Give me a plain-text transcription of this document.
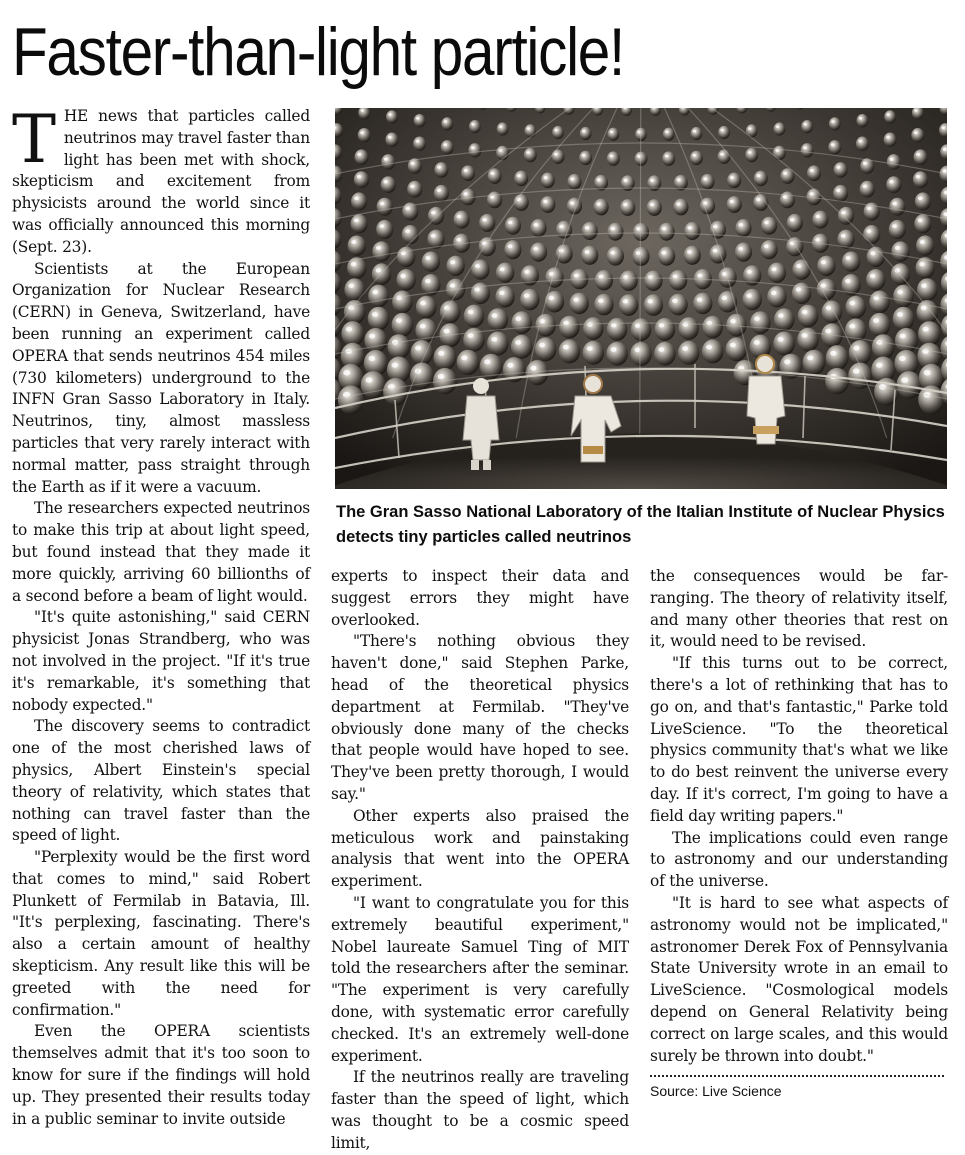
Faster-than-light particle!

THE news that particles called neutrinos may travel faster than light has been met with shock, skepticism and excitement from physicists around the world since it was officially announced this morning (Sept. 23).

Scientists at the European Organization for Nuclear Research (CERN) in Geneva, Switzerland, have been running an experiment called OPERA that sends neutrinos 454 miles (730 kilometers) underground to the INFN Gran Sasso Laboratory in Italy. Neutrinos, tiny, almost massless particles that very rarely interact with normal matter, pass straight through the Earth as if it were a vacuum.

The researchers expected neutrinos to make this trip at about light speed, but found instead that they made it more quickly, arriving 60 billionths of a second before a beam of light would.

"It's quite astonishing," said CERN physicist Jonas Strandberg, who was not involved in the project. "If it's true it's remarkable, it's something that nobody expected."

The discovery seems to contradict one of the most cherished laws of physics, Albert Einstein's special theory of relativity, which states that nothing can travel faster than the speed of light.

"Perplexity would be the first word that comes to mind," said Robert Plunkett of Fermilab in Batavia, Ill. "It's perplexing, fascinating. There's also a certain amount of healthy skepticism. Any result like this will be greeted with the need for confirmation."

Even the OPERA scientists themselves admit that it's too soon to know for sure if the findings will hold up. They presented their results today in a public seminar to invite outside

The Gran Sasso National Laboratory of the Italian Institute of Nuclear Physics detects tiny particles called neutrinos

experts to inspect their data and suggest errors they might have overlooked.

"There's nothing obvious they haven't done," said Stephen Parke, head of the theoretical physics department at Fermilab. "They've obviously done many of the checks that people would have hoped to see. They've been pretty thorough, I would say."

Other experts also praised the meticulous work and painstaking analysis that went into the OPERA experiment.

"I want to congratulate you for this extremely beautiful experiment," Nobel laureate Samuel Ting of MIT told the researchers after the seminar. "The experiment is very carefully done, with systematic error carefully checked. It's an extremely well-done experiment.

If the neutrinos really are traveling faster than the speed of light, which was thought to be a cosmic speed limit,

the consequences would be far-ranging. The theory of relativity itself, and many other theories that rest on it, would need to be revised.

"If this turns out to be correct, there's a lot of rethinking that has to go on, and that's fantastic," Parke told LiveScience. "To the theoretical physics community that's what we like to do best reinvent the universe every day. If it's correct, I'm going to have a field day writing papers."

The implications could even range to astronomy and our understanding of the universe.

"It is hard to see what aspects of astronomy would not be implicated," astronomer Derek Fox of Pennsylvania State University wrote in an email to LiveScience. "Cosmological models depend on General Relativity being correct on large scales, and this would surely be thrown into doubt."

Source: Live Science
